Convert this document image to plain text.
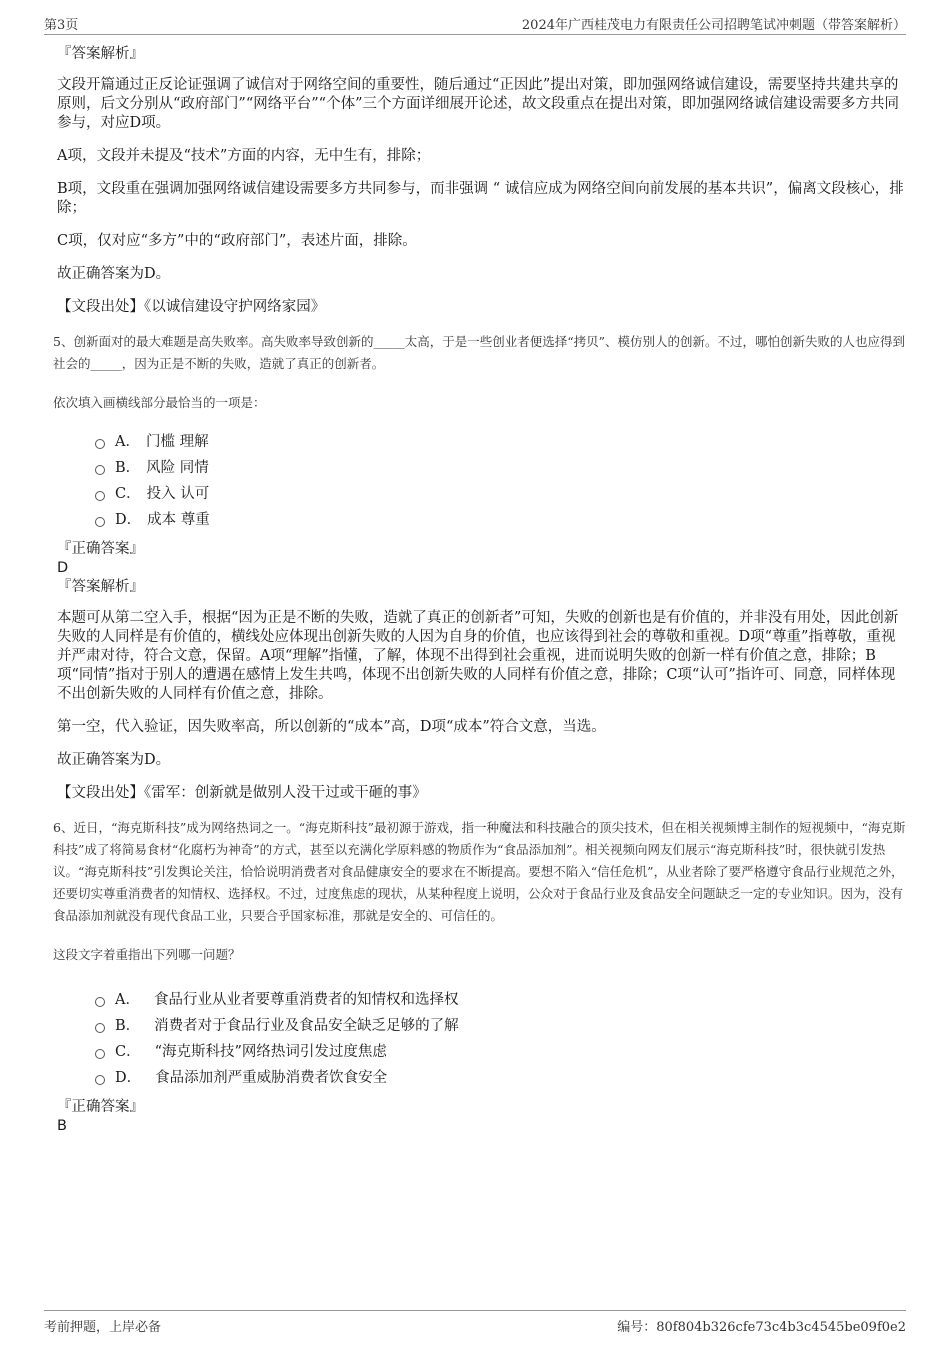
第3页	2024年广西桂茂电力有限责任公司招聘笔试冲刺题（带答案解析）

『答案解析』

文段开篇通过正反论证强调了诚信对于网络空间的重要性，随后通过“正因此”提出对策，即加强网络诚信建设，需要坚持共建共享的原则，后文分别从“政府部门”“网络平台”“个体”三个方面详细展开论述，故文段重点在提出对策，即加强网络诚信建设需要多方共同参与，对应D项。

A项，文段并未提及“技术”方面的内容，无中生有，排除；

B项，文段重在强调加强网络诚信建设需要多方共同参与，而非强调 “ 诚信应成为网络空间向前发展的基本共识”，偏离文段核心，排除；

C项，仅对应“多方”中的“政府部门”，表述片面，排除。

故正确答案为D。

【文段出处】《以诚信建设守护网络家园》

5、创新面对的最大难题是高失败率。高失败率导致创新的_____太高，于是一些创业者便选择“拷贝”、模仿别人的创新。不过，哪怕创新失败的人也应得到社会的_____，因为正是不断的失败，造就了真正的创新者。

依次填入画横线部分最恰当的一项是：

A． 门槛 理解
B． 风险 同情
C． 投入 认可
D． 成本 尊重

『正确答案』

D

『答案解析』

本题可从第二空入手，根据“因为正是不断的失败，造就了真正的创新者”可知，失败的创新也是有价值的，并非没有用处，因此创新失败的人同样是有价值的，横线处应体现出创新失败的人因为自身的价值，也应该得到社会的尊敬和重视。D项“尊重”指尊敬，重视并严肃对待，符合文意，保留。A项“理解”指懂，了解，体现不出得到社会重视，进而说明失败的创新一样有价值之意，排除；B项“同情”指对于别人的遭遇在感情上发生共鸣，体现不出创新失败的人同样有价值之意，排除；C项“认可”指许可、同意，同样体现不出创新失败的人同样有价值之意，排除。

第一空，代入验证，因失败率高，所以创新的“成本”高，D项“成本”符合文意，当选。

故正确答案为D。

【文段出处】《雷军：创新就是做别人没干过或干砸的事》

6、近日，“海克斯科技”成为网络热词之一。“海克斯科技”最初源于游戏，指一种魔法和科技融合的顶尖技术，但在相关视频博主制作的短视频中，“海克斯科技”成了将简易食材“化腐朽为神奇”的方式，甚至以充满化学原料感的物质作为“食品添加剂”。相关视频向网友们展示“海克斯科技”时，很快就引发热议。“海克斯科技”引发舆论关注，恰恰说明消费者对食品健康安全的要求在不断提高。要想不陷入“信任危机”，从业者除了要严格遵守食品行业规范之外，还要切实尊重消费者的知情权、选择权。不过，过度焦虑的现状，从某种程度上说明，公众对于食品行业及食品安全问题缺乏一定的专业知识。因为，没有食品添加剂就没有现代食品工业，只要合乎国家标准，那就是安全的、可信任的。

这段文字着重指出下列哪一问题？

A． 食品行业从业者要尊重消费者的知情权和选择权
B． 消费者对于食品行业及食品安全缺乏足够的了解
C． “海克斯科技”网络热词引发过度焦虑
D． 食品添加剂严重威胁消费者饮食安全

『正确答案』

B

考前押题，上岸必备	编号：80f804b326cfe73c4b3c4545be09f0e2
